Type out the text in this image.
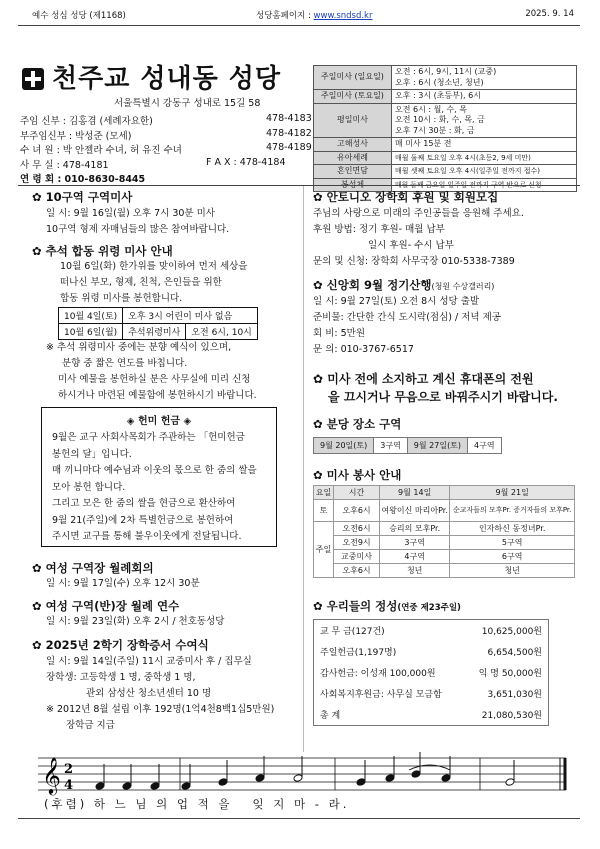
예수 성심 성당 (제1168)	성당홈페이지 : www.sndsd.kr	2025. 9. 14
천주교 성내동 성당
서울특별시 강동구 성내로 15길 58
주임 신부 : 김홍겸 (세례자요한)	478-4183
부주임신부 : 박성준 (모세)	478-4182
수 녀 원 : 박 안젤라 수녀, 허 유진 수녀	478-4189
사 무 실 : 478-4181	F A X : 478-4184
연 령 회 : 010-8630-8445
주일미사 (일요일)	오전 : 6시, 9시, 11시 (교중)
오후 : 6시 (청소년, 청년)

주일미사 (토요일)	오후 : 3시 (초등부), 6시
평일미사	오전 6시 : 월, 수, 목
오전 10시 : 화, 수, 목, 금
오후 7시 30분 : 화, 금

고해성사	매 미사 15분 전
유아세례	매월 둘째 토요일 오후 4시(초등2, 9세 미만)
혼인면담	매월 셋째 토요일 오후 4시(일주일 전까지 접수)
봉성체	매월 둘째 금요일 일주일 전까지 구역 반으로 신청
✿ 10구역 구역미사
일 시: 9월 16일(월) 오후 7시 30분 미사
10구역 형제 자매님들의 많은 참여바랍니다.
✿ 추석 합동 위령 미사 안내
10월 6일(화) 한가위를 맞이하여 먼저 세상을
떠나신 부모, 형제, 친척, 은인들을 위한
합동 위령 미사를 봉헌합니다.
10월 4일(토)	오후 3시 어린이 미사 없음	
10월 6일(월)	추석위령미사	오전 6시, 10시
※ 추석 위령미사 중에는 분향 예식이 있으며,
분향 중 짧은 연도를 바칩니다.
미사 예물을 봉헌하실 분은 사무실에 미리 신청
하시거나 마련된 예물함에 봉헌하시기 바랍니다.
◈ 헌미 헌금 ◈
9월은 교구 사회사목회가 주관하는 「헌미헌금
봉헌의 달」입니다.
매 끼니마다 예수님과 이웃의 몫으로 한 줌의 쌀을
모아 봉헌 합니다.
그리고 모은 한 줌의 쌀을 현금으로 환산하여
9월 21(주일)에 2차 특별헌금으로 봉헌하여
주시면 교구를 통해 불우이웃에게 전달됩니다.
✿ 여성 구역장 월례회의
일 시: 9월 17일(수) 오후 12시 30분
✿ 여성 구역(반)장 월례 연수
일 시: 9월 23일(화) 오후 2시 / 천호동성당
✿ 2025년 2학기 장학증서 수여식
일 시: 9월 14일(주일) 11시 교중미사 후 / 집무실
장학생: 고등학생 1 명, 중학생 1 명,
관외 삼성산 청소년센터 10 명
※ 2012년 8월 설립 이후 192명(1억4천8백1십5만원)
장학금 지급
✿ 안토니오 장학회 후원 및 회원모집
주님의 사랑으로 미래의 주인공들을 응원해 주세요.
후원 방법: 정기 후원- 매월 납부
일시 후원- 수시 납부
문의 및 신청: 장학회 사무국장 010-5338-7389
✿ 신앙회 9월 정기산행(청원 수상갤러리)
일 시: 9월 27일(토) 오전 8시 성당 출발
준비물: 간단한 간식 도시락(점심) / 저녁 제공
회 비: 5만원
문 의: 010-3767-6517
✿ 미사 전에 소지하고 계신 휴대폰의 전원
을 끄시거나 무음으로 바꿔주시기 바랍니다.
✿ 분당 장소 구역
9월 20일(토)	3구역	9월 27일(토)	4구역
✿ 미사 봉사 안내
요일	시간	9월 14일	9월 21일
토	오후6시	여왕이신 마리아Pr.	순교자들의 모후Pr. 증거자들의 모후Pr.
주일	오전6시	승리의 모후Pr.	인자하신 동정녀Pr.
	오전9시	3구역	5구역
	교중미사	4구역	6구역
	오후6시	청년	청년
✿ 우리들의 정성(연중 제23주일)
교 무 금(127건)	10,625,000원
주일헌금(1,197명)	6,654,500원
감사헌금: 이성재 100,000원	익 명 50,000원
사회복지후원금: 사무실 모금함	3,651,030원
총 계	21,080,530원
𝄞 2
4
(후렴) 하 느 님 의 업 적 을   잊 지 마 - 라.
